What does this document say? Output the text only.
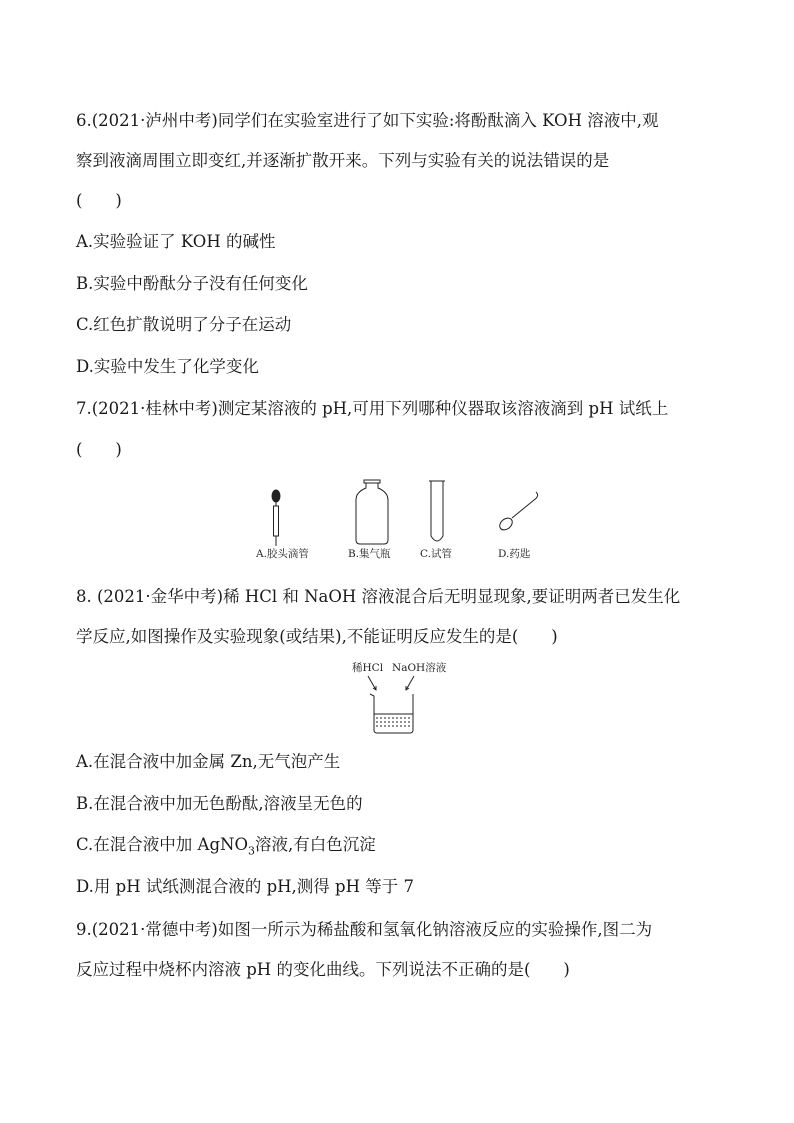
6.(2021·泸州中考)同学们在实验室进行了如下实验:将酚酞滴入 KOH 溶液中,观
察到液滴周围立即变红,并逐渐扩散开来。下列与实验有关的说法错误的是
(　　)
A.实验验证了 KOH 的碱性
B.实验中酚酞分子没有任何变化
C.红色扩散说明了分子在运动
D.实验中发生了化学变化
7.(2021·桂林中考)测定某溶液的 pH,可用下列哪种仪器取该溶液滴到 pH 试纸上
(　　)
A.胶头滴管	B.集气瓶	C.试管	D.药匙
8. (2021·金华中考)稀 HCl 和 NaOH 溶液混合后无明显现象,要证明两者已发生化
学反应,如图操作及实验现象(或结果),不能证明反应发生的是(　　)
稀HCl NaOH溶液
A.在混合液中加金属 Zn,无气泡产生
B.在混合液中加无色酚酞,溶液呈无色的
C.在混合液中加 AgNO$_3$溶液,有白色沉淀
D.用 pH 试纸测混合液的 pH,测得 pH 等于 7
9.(2021·常德中考)如图一所示为稀盐酸和氢氧化钠溶液反应的实验操作,图二为
反应过程中烧杯内溶液 pH 的变化曲线。下列说法不正确的是(　　)
